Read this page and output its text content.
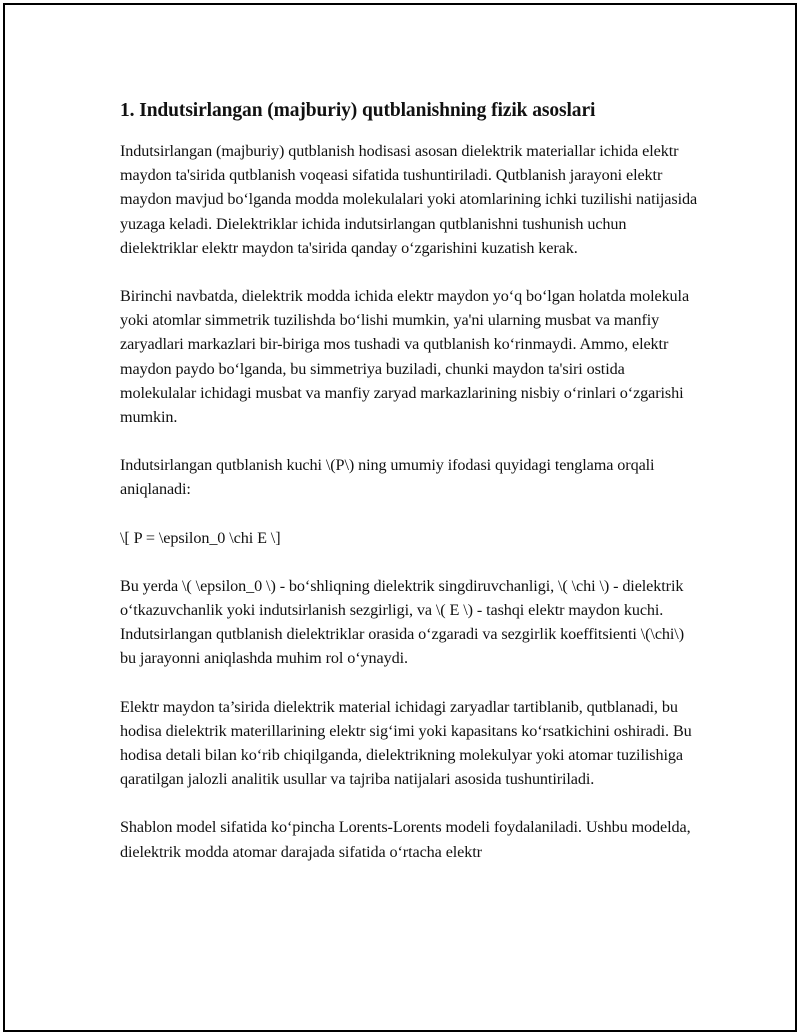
1. Indutsirlangan (majburiy) qutblanishning fizik asoslari

Indutsirlangan (majburiy) qutblanish hodisasi asosan dielektrik materiallar ichida elektr maydon ta'sirida qutblanish voqeasi sifatida tushuntiriladi. Qutblanish jarayoni elektr maydon mavjud bo‘lganda modda molekulalari yoki atomlarining ichki tuzilishi natijasida yuzaga keladi. Dielektriklar ichida indutsirlangan qutblanishni tushunish uchun dielektriklar elektr maydon ta'sirida qanday o‘zgarishini kuzatish kerak.

Birinchi navbatda, dielektrik modda ichida elektr maydon yo‘q bo‘lgan holatda molekula yoki atomlar simmetrik tuzilishda bo‘lishi mumkin, ya'ni ularning musbat va manfiy zaryadlari markazlari bir-biriga mos tushadi va qutblanish ko‘rinmaydi. Ammo, elektr maydon paydo bo‘lganda, bu simmetriya buziladi, chunki maydon ta'siri ostida molekulalar ichidagi musbat va manfiy zaryad markazlarining nisbiy o‘rinlari o‘zgarishi mumkin.

Indutsirlangan qutblanish kuchi \(P\) ning umumiy ifodasi quyidagi tenglama orqali aniqlanadi:

\[ P = \epsilon_0 \chi E \]

Bu yerda \( \epsilon_0 \) - bo‘shliqning dielektrik singdiruvchanligi, \( \chi \) - dielektrik o‘tkazuvchanlik yoki indutsirlanish sezgirligi, va \( E \) - tashqi elektr maydon kuchi. Indutsirlangan qutblanish dielektriklar orasida o‘zgaradi va sezgirlik koeffitsienti \(\chi\) bu jarayonni aniqlashda muhim rol o‘ynaydi.

Elektr maydon ta’sirida dielektrik material ichidagi zaryadlar tartiblanib, qutblanadi, bu hodisa dielektrik materillarining elektr sig‘imi yoki kapasitans ko‘rsatkichini oshiradi. Bu hodisa detali bilan ko‘rib chiqilganda, dielektrikning molekulyar yoki atomar tuzilishiga qaratilgan jalozli analitik usullar va tajriba natijalari asosida tushuntiriladi.

Shablon model sifatida ko‘pincha Lorents-Lorents modeli foydalaniladi. Ushbu modelda, dielektrik modda atomar darajada sifatida o‘rtacha elektr
